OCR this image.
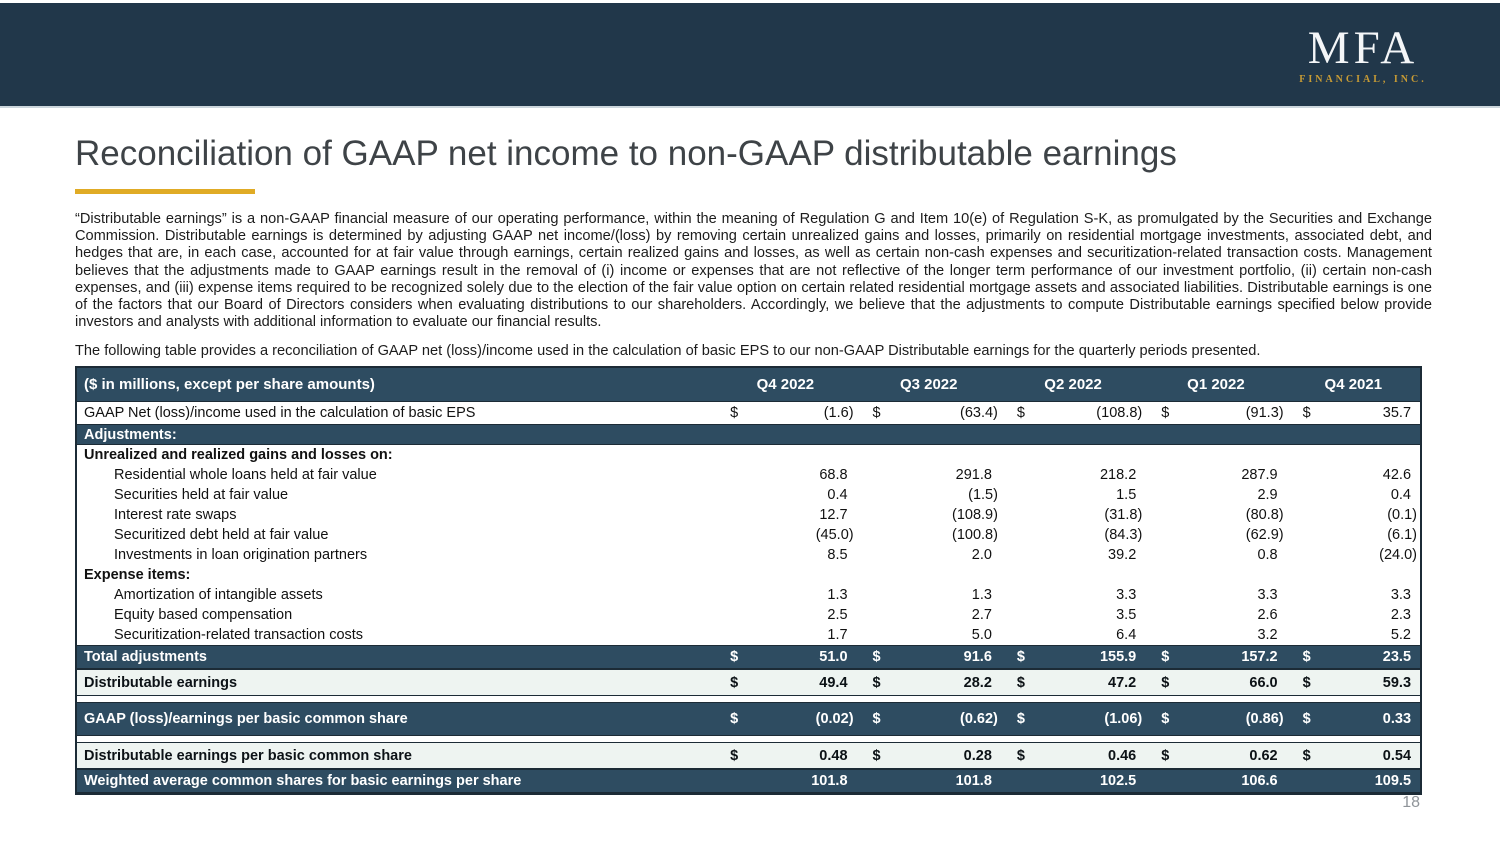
MFA
FINANCIAL, INC.
Reconciliation of GAAP net income to non-GAAP distributable earnings

“Distributable earnings” is a non-GAAP financial measure of our operating performance, within the meaning of Regulation G and Item 10(e) of Regulation S-K, as promulgated by the Securities and Exchange Commission. Distributable earnings is determined by adjusting GAAP net income/(loss) by removing certain unrealized gains and losses, primarily on residential mortgage investments, associated debt, and hedges that are, in each case, accounted for at fair value through earnings, certain realized gains and losses, as well as certain non-cash expenses and securitization-related transaction costs. Management believes that the adjustments made to GAAP earnings result in the removal of (i) income or expenses that are not reflective of the longer term performance of our investment portfolio, (ii) certain non-cash expenses, and (iii) expense items required to be recognized solely due to the election of the fair value option on certain related residential mortgage assets and associated liabilities. Distributable earnings is one of the factors that our Board of Directors considers when evaluating distributions to our shareholders. Accordingly, we believe that the adjustments to compute Distributable earnings specified below provide investors and analysts with additional information to evaluate our financial results.

The following table provides a reconciliation of GAAP net (loss)/income used in the calculation of basic EPS to our non-GAAP Distributable earnings for the quarterly periods presented.

($ in millions, except per share amounts)	Q4 2022	Q3 2022	Q2 2022	Q1 2022	Q4 2021
GAAP Net (loss)/income used in the calculation of basic EPS	$	(1.6)	$	(63.4)	$	(108.8)	$	(91.3)	$	35.7
Adjustments:
Unrealized and realized gains and losses on:
Residential whole loans held at fair value	68.8	291.8	218.2	287.9	42.6
Securities held at fair value	0.4	(1.5)	1.5	2.9	0.4
Interest rate swaps	12.7	(108.9)	(31.8)	(80.8)	(0.1)
Securitized debt held at fair value	(45.0)	(100.8)	(84.3)	(62.9)	(6.1)
Investments in loan origination partners	8.5	2.0	39.2	0.8	(24.0)
Expense items:
Amortization of intangible assets	1.3	1.3	3.3	3.3	3.3
Equity based compensation	2.5	2.7	3.5	2.6	2.3
Securitization-related transaction costs	1.7	5.0	6.4	3.2	5.2
Total adjustments	$	51.0	$	91.6	$	155.9	$	157.2	$	23.5
Distributable earnings	$	49.4	$	28.2	$	47.2	$	66.0	$	59.3
GAAP (loss)/earnings per basic common share	$	(0.02)	$	(0.62)	$	(1.06)	$	(0.86)	$	0.33
Distributable earnings per basic common share	$	0.48	$	0.28	$	0.46	$	0.62	$	0.54
Weighted average common shares for basic earnings per share	101.8	101.8	102.5	106.6	109.5
18
